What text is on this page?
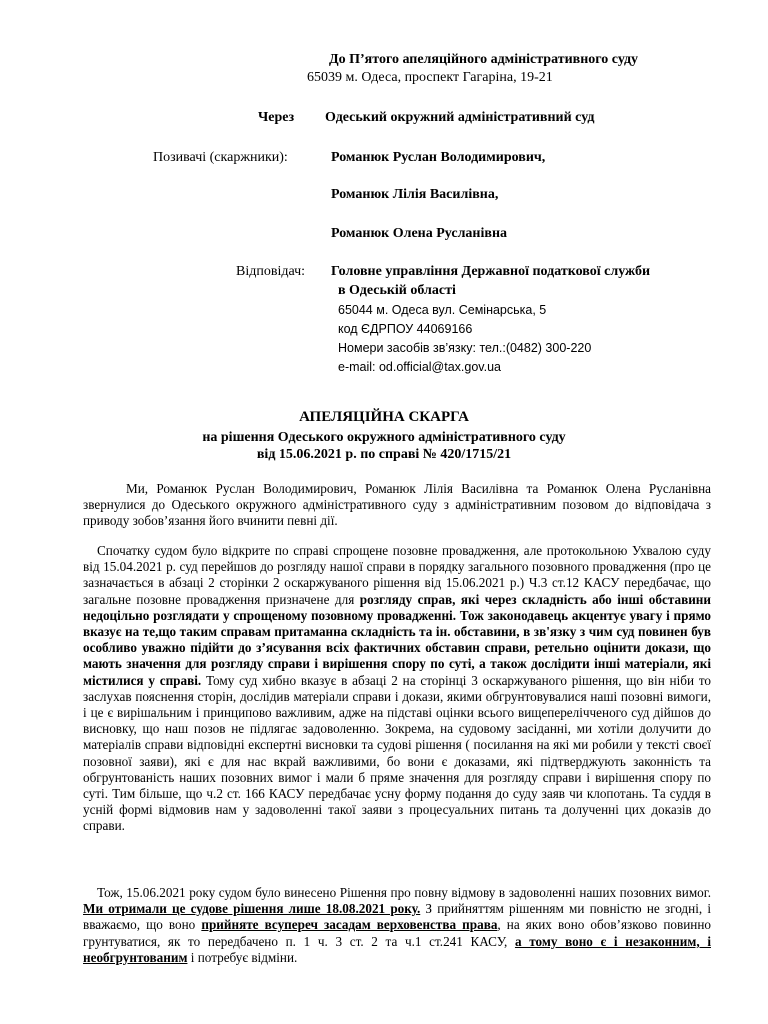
До П’ятого апеляційного адміністративного суду
65039 м. Одеса, проспект Гагаріна, 19-21
Через Одеський окружний адміністративний суд
Позивачі (скаржники):	Романюк Руслан Володимирович,
Романюк Лілія Василівна,
Романюк Олена Русланівна
Відповідач: Головне управління Державної податкової служби
в Одеській області
65044 м. Одеса вул. Семінарська, 5
код ЄДРПОУ 44069166
Номери засобів зв’язку: тел.:(0482) 300-220
e-mail: od.official@tax.gov.ua
АПЕЛЯЦІЙНА СКАРГА
на рішення Одеського окружного адміністративного суду
від 15.06.2021 р. по справі № 420/1715/21

Ми, Романюк Руслан Володимирович, Романюк Лілія Василівна та Романюк Олена Русланівна звернулися до Одеського окружного адміністративного суду з адміністративним позовом до відповідача з приводу зобов’язання його вчинити певні дії.

Спочатку судом було відкрите по справі спрощене позовне провадження, але протокольною Ухвалою суду від 15.04.2021 р. суд перейшов до розгляду нашої справи в порядку загального позовного провадження (про це зазначається в абзаці 2 сторінки 2 оскаржуваного рішення від 15.06.2021 р.) Ч.3 ст.12 КАСУ передбачає, що загальне позовне провадження призначене для розгляду справ, які через складність або інші обставини недоцільно розглядати у спрощеному позовному провадженні. Тож законодавець акцентує увагу і прямо вказує на те,що таким справам притаманна складність та ін. обставини, в зв'язку з чим суд повинен був особливо уважно підійти до з’ясування всіх фактичних обставин справи, ретельно оцінити докази, що мають значення для розгляду справи і вирішення спору по суті, а також дослідити інші матеріали, які містилися у справі. Тому суд хибно вказує в абзаці 2 на сторінці 3 оскаржуваного рішення, що він ніби то заслухав пояснення сторін, дослідив матеріали справи і докази, якими обгрунтовувалися наші позовні вимоги, і це є вирішальним і принципово важливим, адже на підставі оцінки всього вищеперелічченого суд дійшов до висновку, що наш позов не підлягає задоволенню. Зокрема, на судовому засіданні, ми хотіли долучити до матеріалів справи відповідні експертні висновки та судові рішення ( посилання на які ми робили у тексті своєї позовної заяви), які є для нас вкрай важливими, бо вони є доказами, які підтверджують законність та обгрунтованість наших позовних вимог і мали б пряме значення для розгляду справи і вирішення спору по суті. Тим більше, що ч.2 ст. 166 КАСУ передбачає усну форму подання до суду заяв чи клопотань. Та суддя в усній формі відмовив нам у задоволенні такої заяви з процесуальних питань та долученні цих доказів до справи.

Тож, 15.06.2021 року судом було винесено Рішення про повну відмову в задоволенні наших позовних вимог. Ми отримали це судове рішення лише 18.08.2021 року. З прийняттям рішенням ми повністю не згодні, і вважаємо, що воно прийняте всупереч засадам верховенства права, на яких воно обов’язково повинно грунтуватися, як то передбачено п. 1 ч. 3 ст. 2 та ч.1 ст.241 КАСУ, а тому воно є і незаконним, і необгрунтованим і потребує відміни.
